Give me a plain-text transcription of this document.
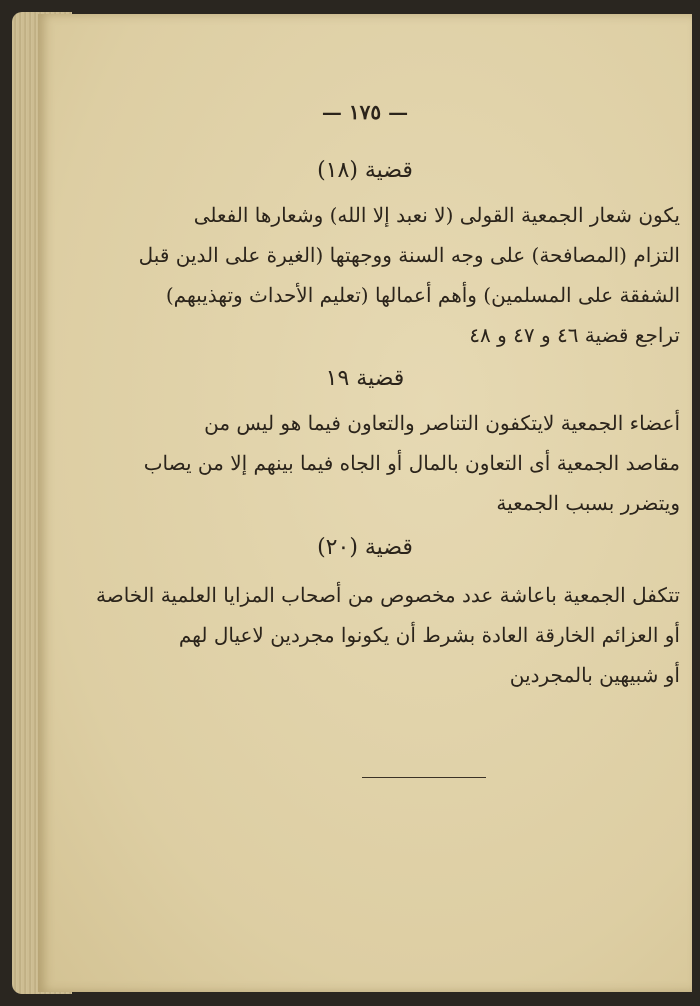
— ١٧٥ —
قضية (١٨)
يكون شعار الجمعية القولى (لا نعبد إلا الله) وشعارها الفعلى
التزام (المصافحة) على وجه السنة ووجهتها (الغيرة على الدين قبل
الشفقة على المسلمين) وأهم أعمالها (تعليم الأحداث وتهذيبهم)
تراجع قضية ٤٦ و ٤٧ و ٤٨
قضية ١٩
أعضاء الجمعية لايتكفون التناصر والتعاون فيما هو ليس من
مقاصد الجمعية أى التعاون بالمال أو الجاه فيما بينهم إلا من يصاب
ويتضرر بسبب الجمعية
قضية (٢٠)
تتكفل الجمعية باعاشة عدد مخصوص من أصحاب المزايا العلمية الخاصة
أو العزائم الخارقة العادة بشرط أن يكونوا مجردين لاعيال لهم
أو شبيهين بالمجردين
